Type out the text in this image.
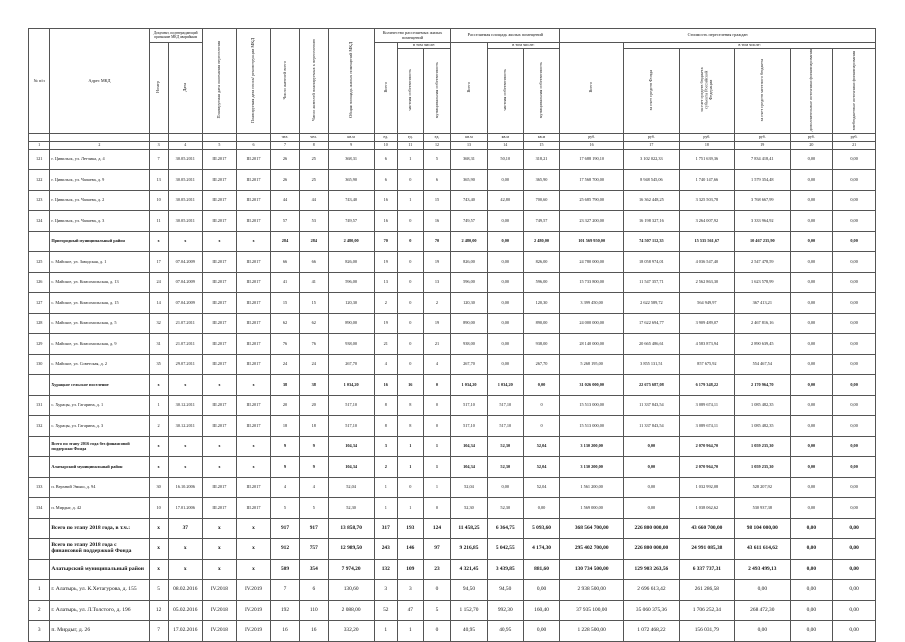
№ п/п	Адрес МКД	Документ, подтверждающий признание МКД аварийным		Планируемая дата окончания переселения	Планируемая дата сноса/ реконструкции МКД	Число жителей всего	Число жителей планируемых к переселению	Общая площадь жилых помещений МКД	Количество расселяемых жилых помещений			Расселяемая площадь жилых помещений			Стоимость переселения граждан					
		Номер	Дата						Всего	в том числе:		Всего	в том числе:		Всего	в том числе:				
										частная собственность	муниципальная собственность		частная собственность	муниципальная собственность		за счет средств Фонда	за счет средств бюджета субъекта Российской Федерации	за счет средств местного бюджета	дополнительные источники финансирования	внебюджетные источники финансирования
						чел.	чел.	кв.м	ед.	ед.	ед.	кв.м	кв.м	кв.м	руб.	руб.	руб.	руб.	руб.	руб.
1	2	3	4	5	6	7	8	9	10	11	12	13	14	15	16	17	18	19	20	21
121	г. Цивильск, ул. Летчика, д. 4	7	30.05.2011	III.2017	III.2017	26	25	368,31	6	1	5	368,31	50,10	318,21	17 688 190,10	3 102 022,33	1 751 639,36	7 834 418,41	0,00	0,00
122	г. Цивильск, ул. Чапаева, д. 9	13	30.05.2011	III.2017	III.2017	26	25	365,90	6	0	6	365,90	0,00	365,90	17 568 700,00	8 948 545,06	1 740 147,66	1 579 354,48	0,00	0,00
123	г. Цивильск, ул. Чапаева, д. 2	10	30.05.2011	III.2017	III.2017	44	44	743,40	16	1	15	743,40	42,80	700,60	25 685 790,00	16 362 448,25	3 325 503,78	3 768 667,99	0,00	0,00
124	г. Цивильск, ул. Чапаева, д. 3	11	30.05.2011	III.2017	III.2017	57	53	749,57	16	0	16	749,57	0,00	749,57	23 327 200,00	16 198 327,16	3 264 007,92	3 333 964,92	0,00	0,00
	Пригородный муниципальный район	x	x	x	x	284	284	2 480,00	70	0	70	2 480,00	0,00	2 480,00	101 569 950,00	74 507 112,35	15 535 561,67	10 467 235,90	0,00	0,00
125	с. Майское, ул. Заводская, д. 1	17	07.04.2009	III.2017	III.2017	66	66	826,00	19	0	19	826,00	0,00	826,00	24 780 000,00	18 058 974,01	4 036 547,40	2 547 478,59	0,00	0,00
126	с. Майское, ул. Комсомольская, д. 13	24	07.04.2009	III.2017	III.2017	41	41	596,00	13	0	13	596,00	0,00	596,00	15 733 800,00	11 547 357,71	2 562 863,30	1 623 578,99	0,00	0,00
127	с. Майское, ул. Комсомольская, д. 15	14	07.04.2009	III.2017	III.2017	15	15	120,30	2	0	2	120,30	0,00	120,30	3 399 450,00	2 622 589,72	564 949,97	367 413,21	0,00	0,00
128	с. Майское, ул. Комсомольская, д. 5	32	21.07.2011	III.2017	III.2017	62	62	890,00	19	0	19	890,00	0,00	890,00	24 000 000,00	17 622 694,77	3 909 489,07	2 467 816,16	0,00	0,00
129	с. Майское, ул. Комсомольская, д. 9	31	21.07.2011	III.2017	III.2017	76	76	938,00	21	0	21	938,00	0,00	938,00	28 140 000,00	20 665 486,61	4 583 873,94	2 890 639,45	0,00	0,00
130	с. Майское, ул. Советская, д. 2	35	29.07.2011	III.2017	III.2017	24	24	267,70	4	0	4	267,70	0,00	267,70	5 268 195,00	3 855 131,51	857 675,92	554 467,54	0,00	0,00
	Хурацкое сельское поселение	x	x	x	x	38	38	1 034,20	16	16	0	1 034,20	1 034,20	0,00	31 026 000,00	22 675 687,08	6 179 348,22	2 170 964,70	0,00	0,00
131	с. Хурацы, ул. Гагарина, д. 1	1	30.12.2011	III.2017	III.2017	20	20	517,10	8	8	0	517,10	517,10	0	15 513 000,00	11 337 843,54	3 089 674,11	1 085 482,35	0,00	0,00
132	с. Хурацы, ул. Гагарина, д. 3	2	30.12.2011	III.2017	III.2017	18	18	517,10	8	8	0	517,10	517,10	0	15 513 000,00	11 337 843,54	3 089 674,11	1 085 482,35	0,00	0,00
	Всего по этапу 2016 года без финансовой поддержки Фонда	x	x	x	x	9	9	104,34	3	1	1	104,34	52,30	52,04	3 130 200,00	0,00	2 070 964,70	1 059 235,30	0,00	0,00
	Алатырский муниципальный район	x	x	x	x	9	9	104,34	2	1	1	104,34	52,30	52,04	3 130 200,00	0,00	2 070 964,70	1 059 235,30	0,00	0,00
133	п. Верхний Эмыш, д. 94	30	16.10.2006	III.2017	III.2017	4	4	52,04	1	0	1	52,04	0,00	52,04	1 561 200,00	0,00	1 032 992,08	528 207,92	0,00	0,00
134	п. Мирдыг, д. 42	10	17.01.2006	III.2017	III.2017	5	5	52,30	1	1	0	52,30	52,30	0,00	1 569 000,00	0,00	1 038 062,62	530 937,38	0,00	0,00
	Всего по этапу 2018 года, в т.ч.:	x	37	x	x	917	917	13 858,70	317	193	124	11 458,25	6 364,75	5 093,60	368 564 700,00	226 800 000,00	43 660 700,00	98 104 000,00	0,00	0,00
	Всего по этапу 2018 года с финансовой поддержкой Фонда	x	x	x	x	912	757	12 989,50	243	146	97	9 216,85	5 042,55	4 174,30	295 402 700,00	226 800 000,00	24 991 085,38	43 611 614,62	0,00	0,00
	Алатырский муниципальный район	x	x	x	x	509	354	7 974,20	132	109	23	4 321,45	3 439,85	881,60	130 734 500,00	129 903 263,56	6 337 737,31	2 493 499,13	0,00	0,00
1	г. Алатырь, ул. К.Хетагурова, д. 155	5	08.02.2016	IV.2018	IV.2019	7	6	130,60	3	3	0	94,50	94,50	0,00	2 938 500,00	2 696 613,42	261 286,58	0,00	0,00	0,00
2	г. Алатырь, ул. Л.Толстого, д. 196	12	05.02.2016	IV.2018	IV.2019	192	110	2 088,00	52	47	5	1 152,70	992,30	160,40	37 935 100,00	35 060 375,36	1 706 252,34	268 472,30	0,00	0,00
3	п. Мирдыг, д. 26	7	17.02.2016	IV.2018	IV.2019	16	16	332,20	1	1	0	40,95	40,95	0,00	1 228 500,00	1 072 468,22	156 031,79	0,00	0,00	0,00
